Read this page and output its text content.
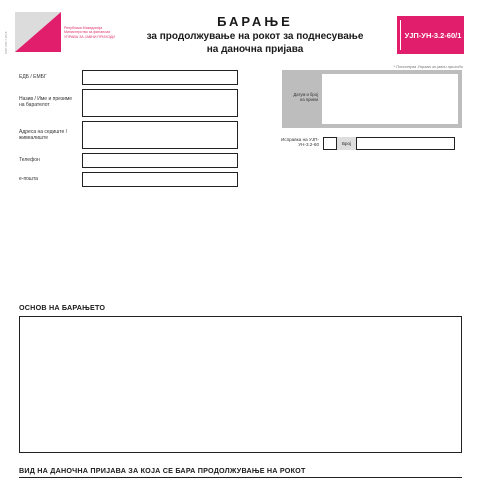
ОБР. 088 7 2018
Република Македонија
Министерство за финансии
УПРАВА ЗА ЈАВНИ ПРИХОДИ
БАРАЊЕ
за продолжување на рокот за поднесување
на даночна пријава
УЈП-УН-3.2-60/1
* Пополнува Управа за јавни приходи
ЕДБ / ЕМБГ
Назив / Име и презиме на барателот
Адреса на седиште / живеалиште
Телефон
е-пошта
Датум и број на прием
Исправка на УЈП-УН-3.2-60	Број
ОСНОВ НА БАРАЊЕТО
ВИД НА ДАНОЧНА ПРИЈАВА ЗА КОЈА СЕ БАРА ПРОДОЛЖУВАЊЕ НА РОКОТ
